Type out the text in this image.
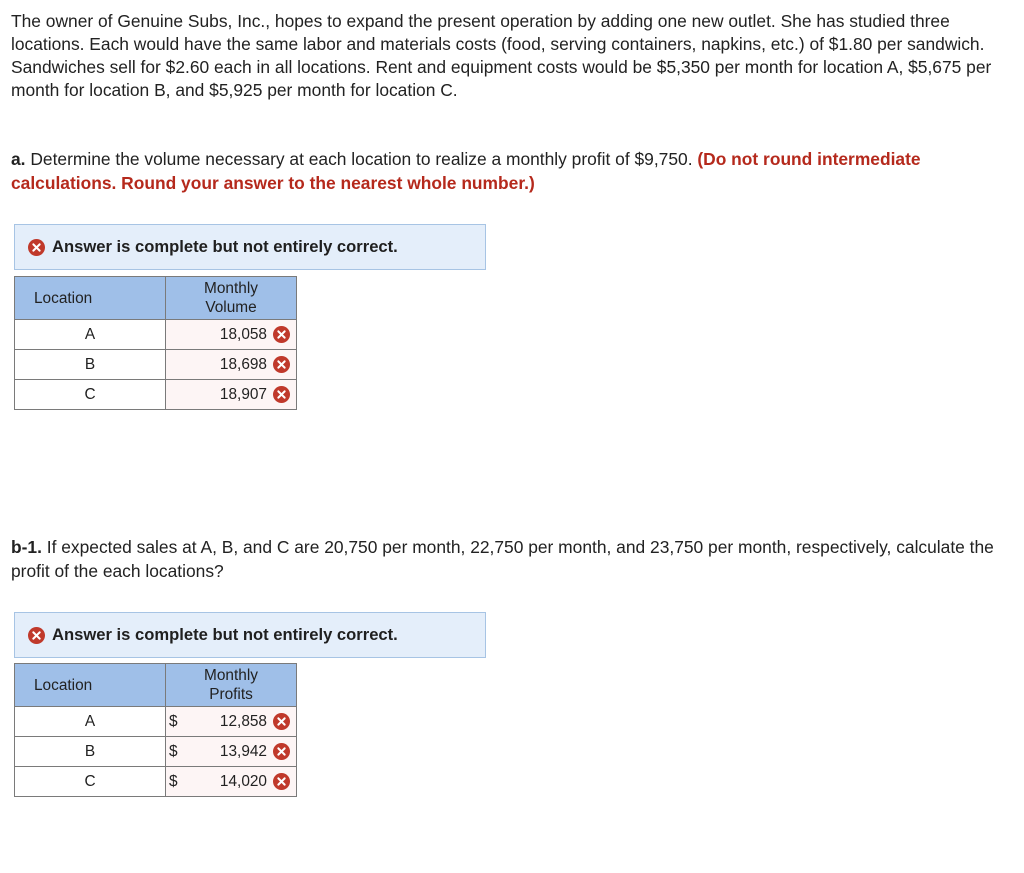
The owner of Genuine Subs, Inc., hopes to expand the present operation by adding one new outlet. She has studied three locations. Each would have the same labor and materials costs (food, serving containers, napkins, etc.) of $1.80 per sandwich. Sandwiches sell for $2.60 each in all locations. Rent and equipment costs would be $5,350 per month for location A, $5,675 per month for location B, and $5,925 per month for location C.

a. Determine the volume necessary at each location to realize a monthly profit of $9,750. (Do not round intermediate calculations. Round your answer to the nearest whole number.)

Answer is complete but not entirely correct.
Location	Monthly
Volume
A	18,058

B	18,698

C	18,907

b-1. If expected sales at A, B, and C are 20,750 per month, 22,750 per month, and 23,750 per month, respectively, calculate the profit of the each locations?

Answer is complete but not entirely correct.
Location	Monthly
Profits
A	$ 12,858

B	$ 13,942

C	$ 14,020
